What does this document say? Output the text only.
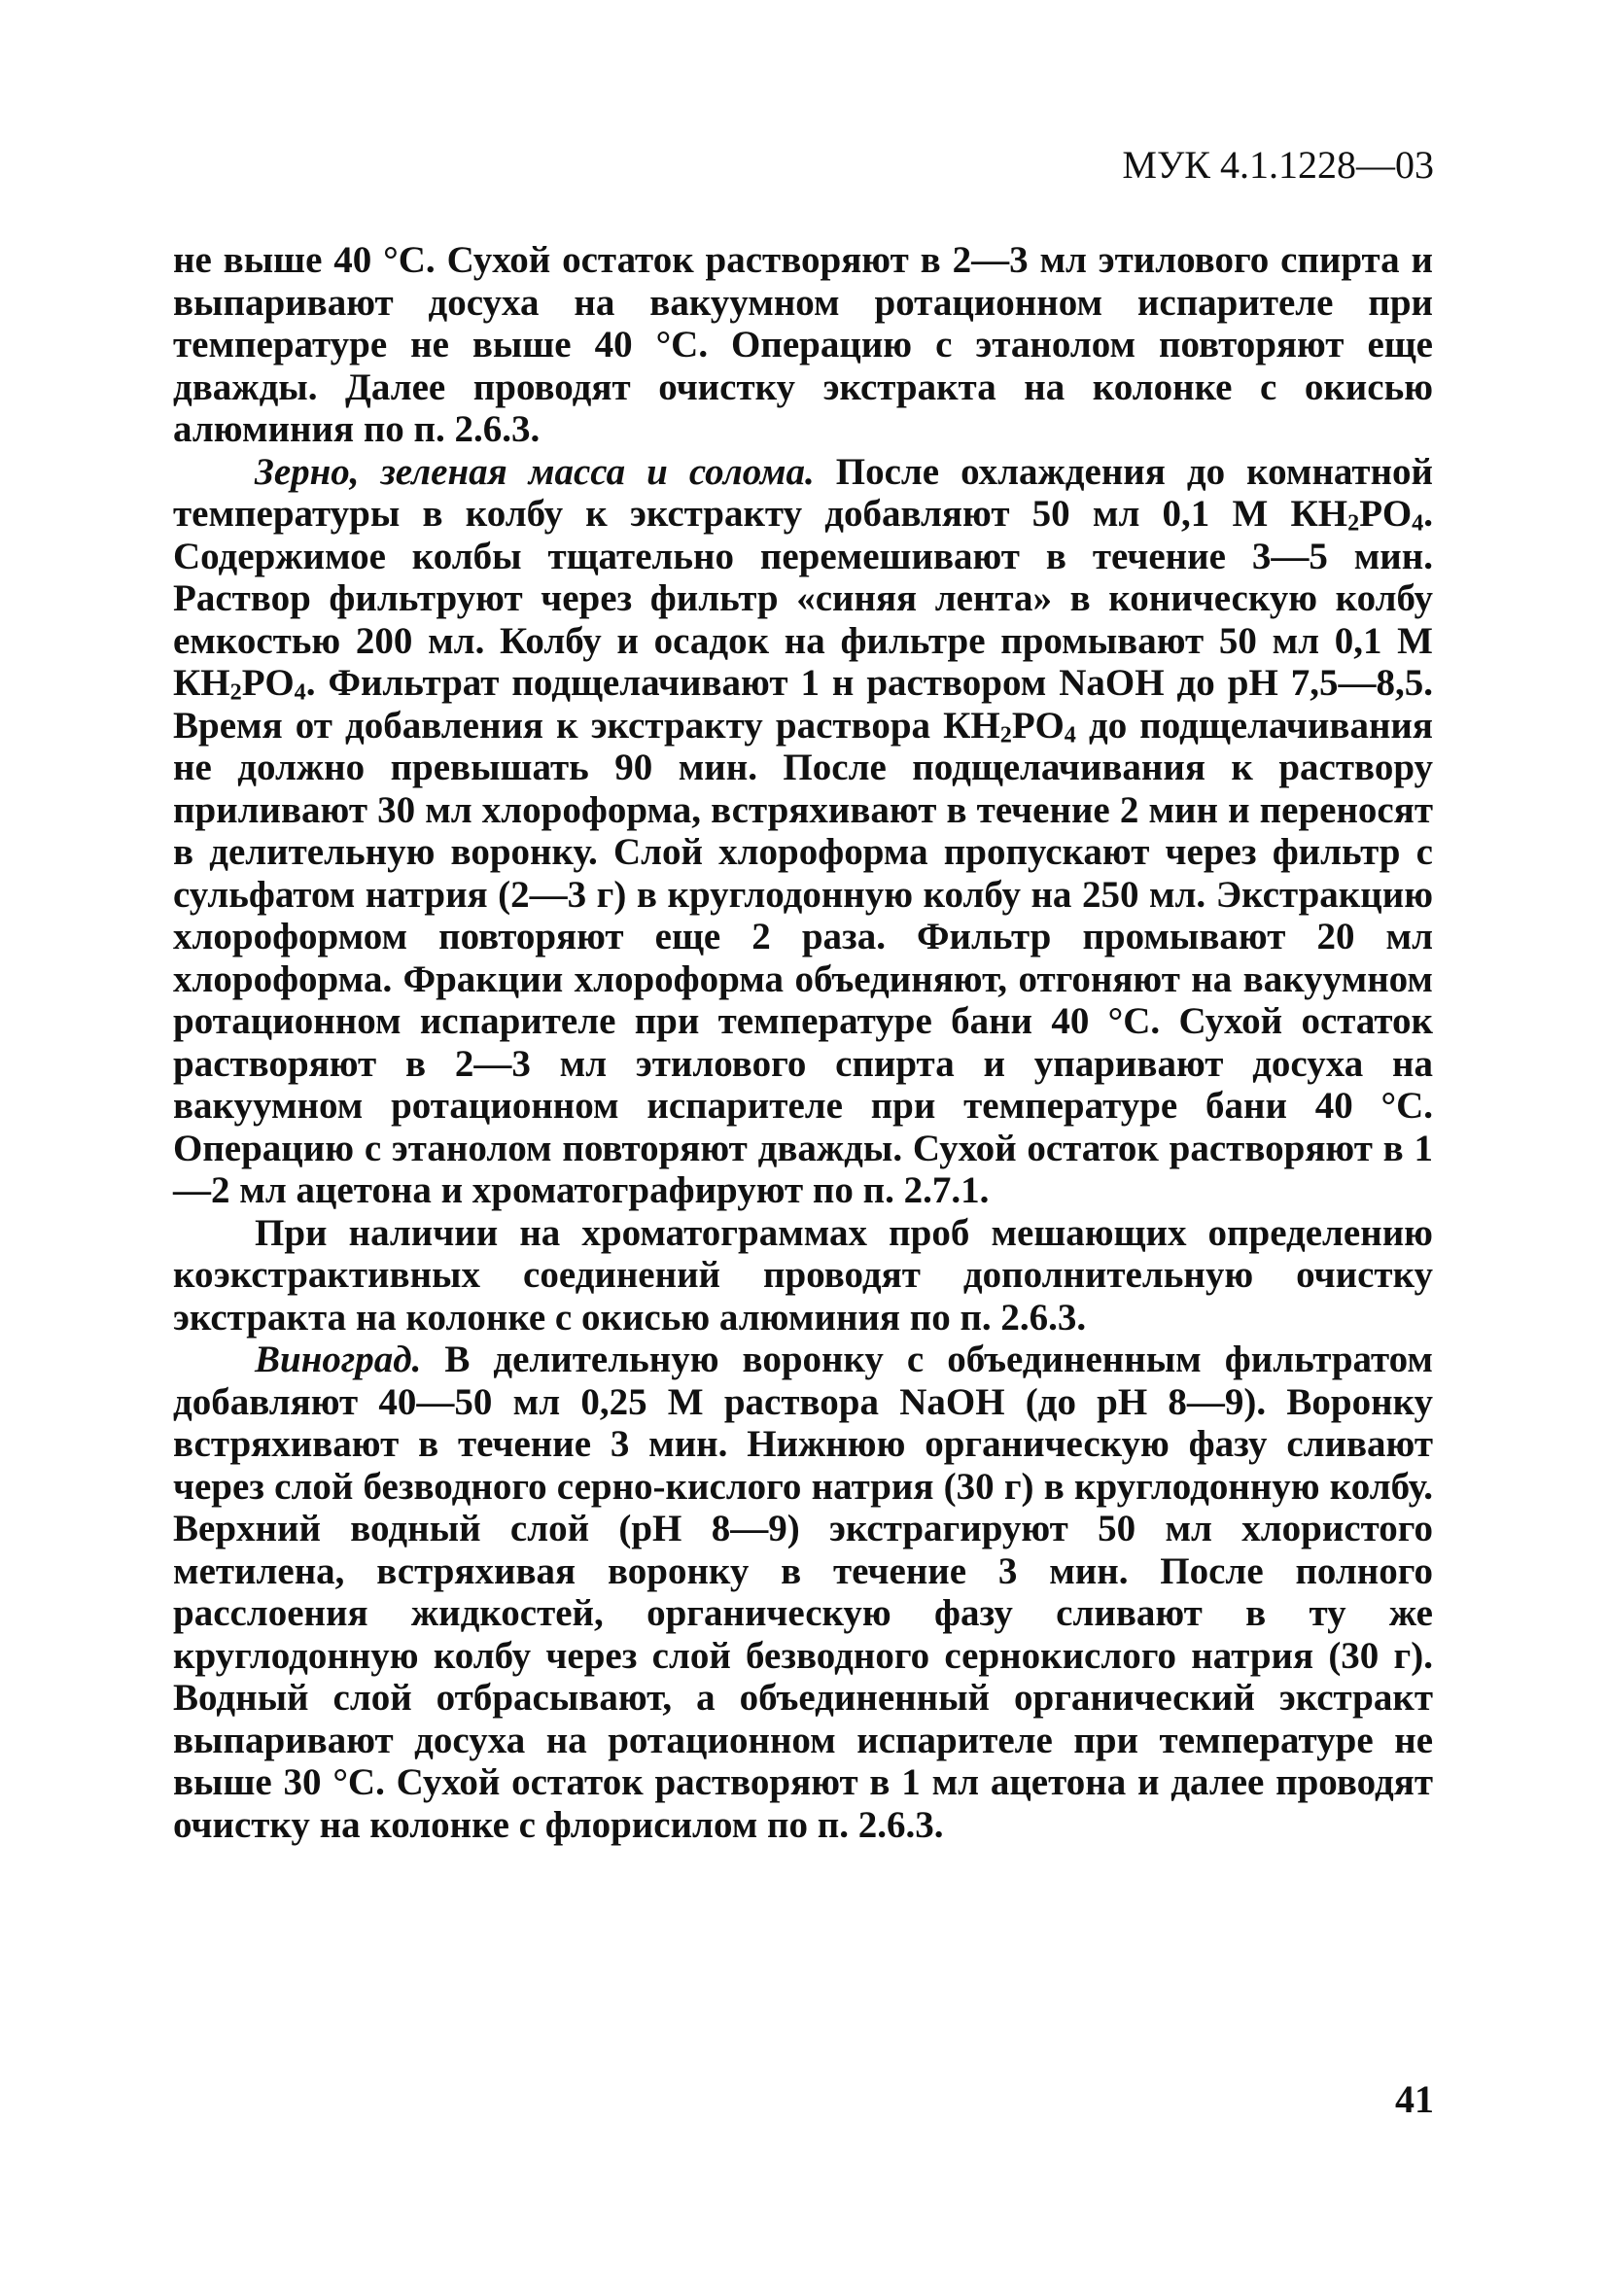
МУК 4.1.1228—03

не выше 40 °С. Сухой остаток растворяют в 2—3 мл этилового спирта и выпаривают досуха на вакуумном ротационном испарителе при температуре не выше 40 °С. Операцию с этанолом повторяют еще дважды. Далее проводят очистку экстракта на колонке с окисью алюминия по п. 2.6.3.

Зерно, зеленая масса и солома. После охлаждения до комнатной температуры в колбу к экстракту добавляют 50 мл 0,1 М $КН_2РО_4$. Содержимое колбы тщательно перемешивают в течение 3—5 мин. Раствор фильтруют через фильтр «синяя лента» в коническую колбу емкостью 200 мл. Колбу и осадок на фильтре промывают 50 мл 0,1 М $КН_2РО_4$. Фильтрат подщелачивают 1 н раствором NaOH до pH 7,5—8,5. Время от добавления к экстракту раствора $КН_2РО_4$ до подщелачивания не должно превышать 90 мин. После подщелачивания к раствору приливают 30 мл хлороформа, встряхивают в течение 2 мин и переносят в делительную воронку. Слой хлороформа пропускают через фильтр с сульфатом натрия (2—3 г) в круглодонную колбу на 250 мл. Экстракцию хлороформом повторяют еще 2 раза. Фильтр промывают 20 мл хлороформа. Фракции хлороформа объединяют, отгоняют на вакуумном ротационном испарителе при температуре бани 40 °С. Сухой остаток растворяют в 2—3 мл этилового спирта и упаривают досуха на вакуумном ротационном испарителе при температуре бани 40 °С. Операцию с этанолом повторяют дважды. Сухой остаток растворяют в 1—2 мл ацетона и хроматографируют по п. 2.7.1.

При наличии на хроматограммах проб мешающих определению коэкстрактивных соединений проводят дополнительную очистку экстракта на колонке с окисью алюминия по п. 2.6.3.

Виноград. В делительную воронку с объединенным фильтратом добавляют 40—50 мл 0,25 М раствора NaOH (до pH 8—9). Воронку встряхивают в течение 3 мин. Нижнюю органическую фазу сливают через слой безводного серно-кислого натрия (30 г) в круглодонную колбу. Верхний водный слой (pH 8—9) экстрагируют 50 мл хлористого метилена, встряхивая воронку в течение 3 мин. После полного расслоения жидкостей, органическую фазу сливают в ту же круглодонную колбу через слой безводного сернокислого натрия (30 г). Водный слой отбрасывают, а объединенный органический экстракт выпаривают досуха на ротационном испарителе при температуре не выше 30 °С. Сухой остаток растворяют в 1 мл ацетона и далее проводят очистку на колонке с флорисилом по п. 2.6.3.

41
